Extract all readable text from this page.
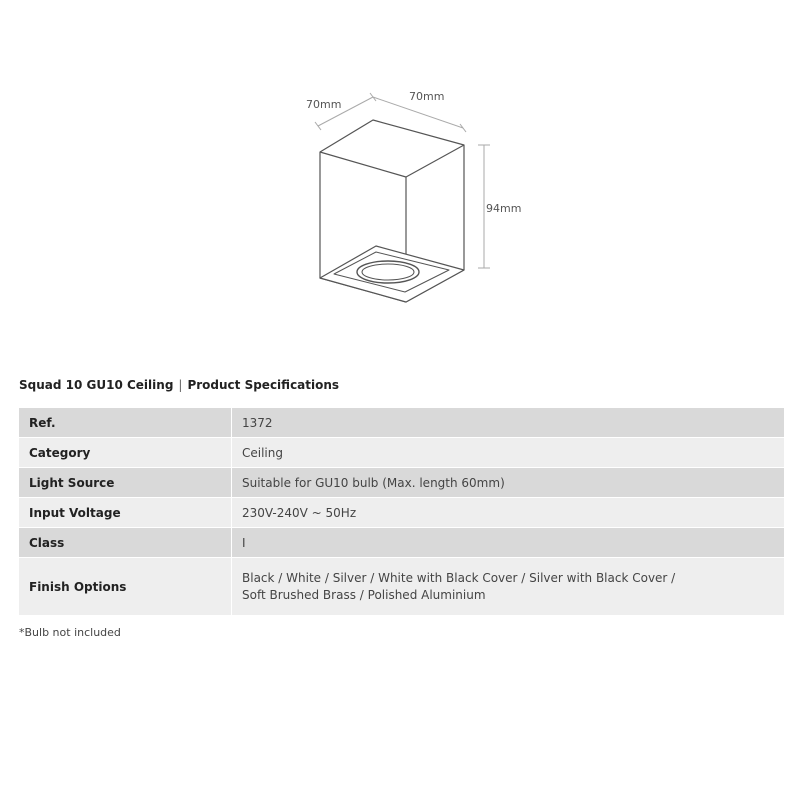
70mm
70mm
94mm
Squad 10 GU10 Ceiling | Product Specifications
Ref.	1372
Category	Ceiling
Light Source	Suitable for GU10 bulb (Max. length 60mm)
Input Voltage	230V-240V ~ 50Hz
Class	I
Finish Options	Black / White / Silver / White with Black Cover / Silver with Black Cover /
Soft Brushed Brass / Polished Aluminium
*Bulb not included
